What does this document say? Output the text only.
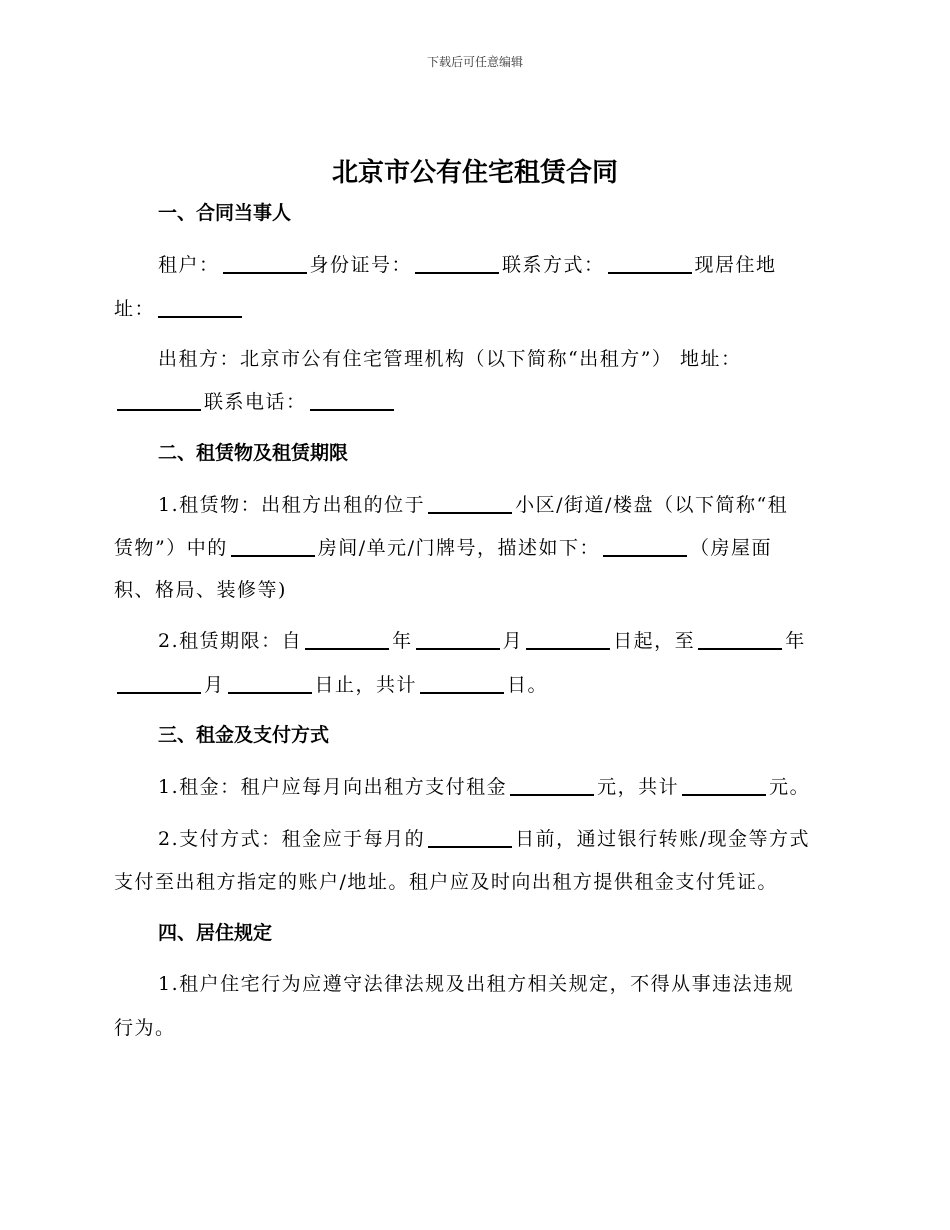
下载后可任意编辑
北京市公有住宅租赁合同
一、合同当事人
租户：	身份证号：	联系方式：	现居住地
址：
出租方：北京市公有住宅管理机构（以下简称“出租方”） 地址：
联系电话：
二、租赁物及租赁期限
1.租赁物：出租方出租的位于	小区/街道/楼盘（以下简称“租
赁物”）中的	房间/单元/门牌号，描述如下：	（房屋面
积、格局、装修等)
2.租赁期限：自	年	月	日起，至	年
月	日止，共计	日。
三、租金及支付方式
1.租金：租户应每月向出租方支付租金	元，共计	元。
2.支付方式：租金应于每月的	日前，通过银行转账/现金等方式
支付至出租方指定的账户/地址。租户应及时向出租方提供租金支付凭证。
四、居住规定
1.租户住宅行为应遵守法律法规及出租方相关规定，不得从事违法违规
行为。
